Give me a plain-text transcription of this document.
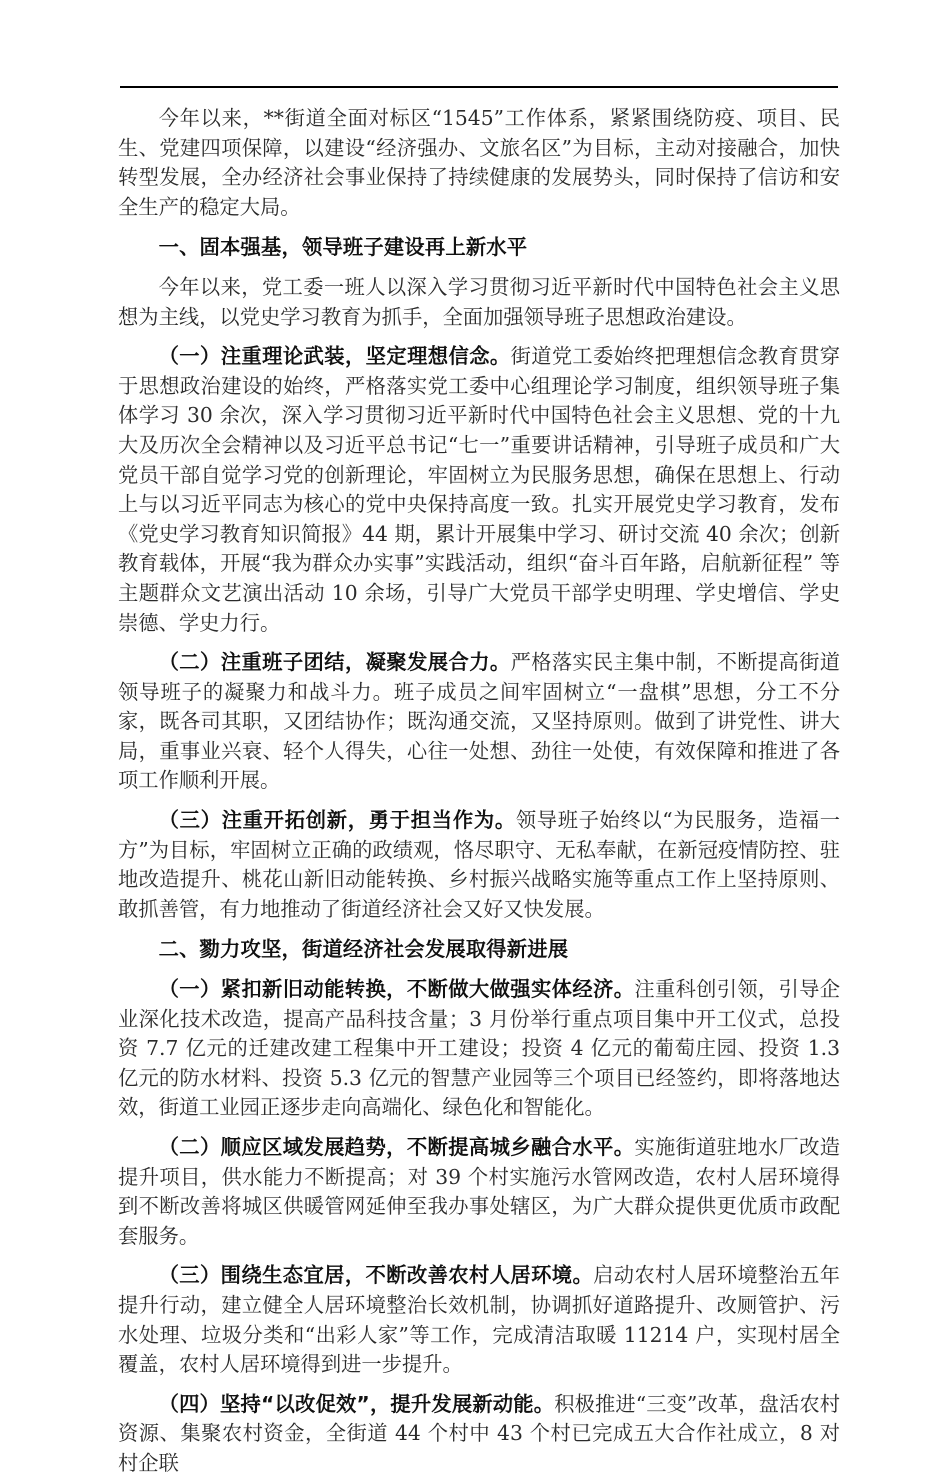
今年以来，**街道全面对标区“1545”工作体系，紧紧围绕防疫、项目、民生、党建四项保障，以建设“经济强办、文旅名区”为目标，主动对接融合，加快转型发展，全办经济社会事业保持了持续健康的发展势头，同时保持了信访和安全生产的稳定大局。

一、固本强基，领导班子建设再上新水平

今年以来，党工委一班人以深入学习贯彻习近平新时代中国特色社会主义思想为主线，以党史学习教育为抓手，全面加强领导班子思想政治建设。

（一）注重理论武装，坚定理想信念。街道党工委始终把理想信念教育贯穿于思想政治建设的始终，严格落实党工委中心组理论学习制度，组织领导班子集体学习 30 余次，深入学习贯彻习近平新时代中国特色社会主义思想、党的十九大及历次全会精神以及习近平总书记“七一”重要讲话精神，引导班子成员和广大党员干部自觉学习党的创新理论，牢固树立为民服务思想，确保在思想上、行动上与以习近平同志为核心的党中央保持高度一致。扎实开展党史学习教育，发布《党史学习教育知识简报》44 期，累计开展集中学习、研讨交流 40 余次；创新教育载体，开展“我为群众办实事”实践活动，组织“奋斗百年路，启航新征程” 等主题群众文艺演出活动 10 余场，引导广大党员干部学史明理、学史增信、学史崇德、学史力行。

（二）注重班子团结，凝聚发展合力。严格落实民主集中制，不断提高街道领导班子的凝聚力和战斗力。班子成员之间牢固树立“一盘棋”思想，分工不分家，既各司其职，又团结协作；既沟通交流，又坚持原则。做到了讲党性、讲大局，重事业兴衰、轻个人得失，心往一处想、劲往一处使，有效保障和推进了各项工作顺利开展。

（三）注重开拓创新，勇于担当作为。领导班子始终以“为民服务，造福一方”为目标，牢固树立正确的政绩观，恪尽职守、无私奉献，在新冠疫情防控、驻地改造提升、桃花山新旧动能转换、乡村振兴战略实施等重点工作上坚持原则、敢抓善管，有力地推动了街道经济社会又好又快发展。

二、勠力攻坚，街道经济社会发展取得新进展

（一）紧扣新旧动能转换，不断做大做强实体经济。注重科创引领，引导企业深化技术改造，提高产品科技含量；3 月份举行重点项目集中开工仪式，总投资 7.7 亿元的迁建改建工程集中开工建设；投资 4 亿元的葡萄庄园、投资 1.3 亿元的防水材料、投资 5.3 亿元的智慧产业园等三个项目已经签约，即将落地达效，街道工业园正逐步走向高端化、绿色化和智能化。

（二）顺应区域发展趋势，不断提高城乡融合水平。实施街道驻地水厂改造提升项目，供水能力不断提高；对 39 个村实施污水管网改造，农村人居环境得到不断改善将城区供暖管网延伸至我办事处辖区，为广大群众提供更优质市政配套服务。

（三）围绕生态宜居，不断改善农村人居环境。启动农村人居环境整治五年提升行动，建立健全人居环境整治长效机制，协调抓好道路提升、改厕管护、污水处理、垃圾分类和“出彩人家”等工作，完成清洁取暖 11214 户，实现村居全覆盖，农村人居环境得到进一步提升。

（四）坚持“以改促效”，提升发展新动能。积极推进“三变”改革，盘活农村资源、集聚农村资金，全街道 44 个村中 43 个村已完成五大合作社成立，8 对村企联
